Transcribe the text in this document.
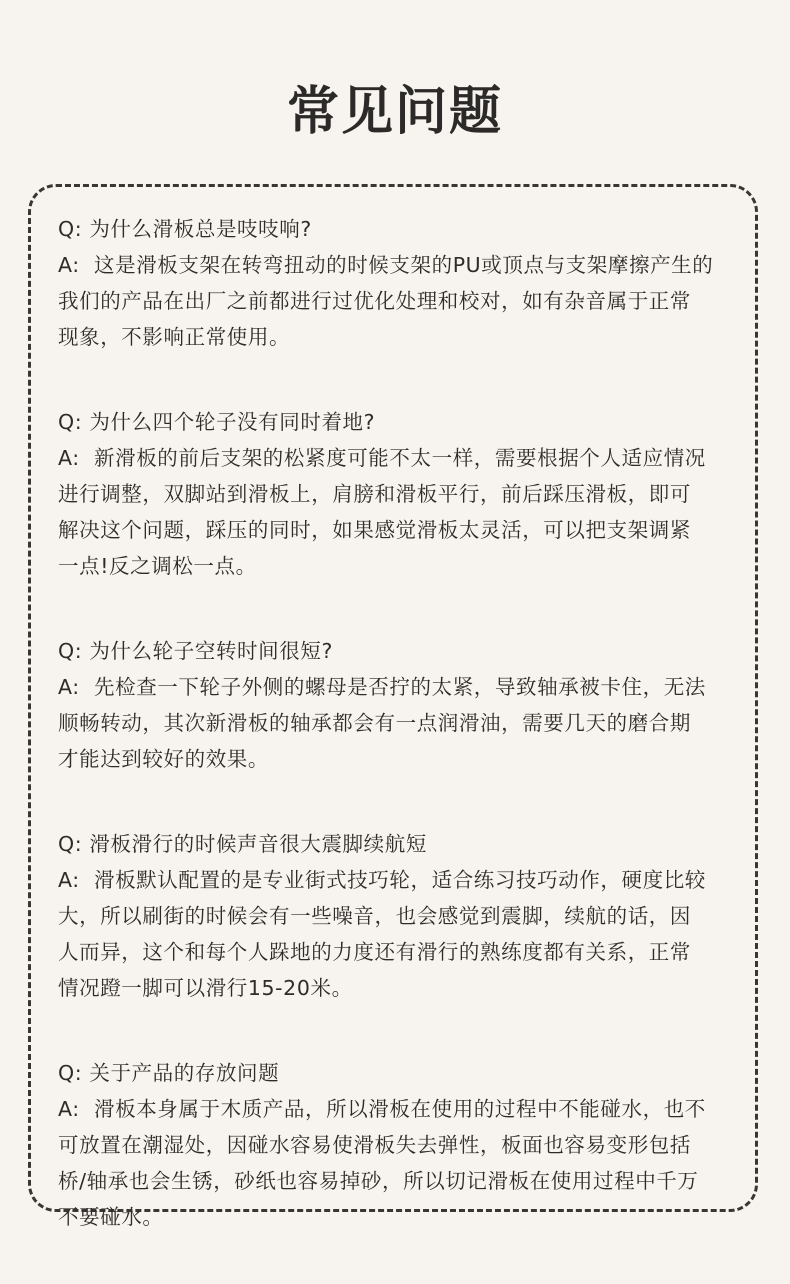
常见问题

Q: 为什么滑板总是吱吱响?

A:  这是滑板支架在转弯扭动的时候支架的PU或顶点与支架摩擦产生的

我们的产品在出厂之前都进行过优化处理和校对，如有杂音属于正常

现象，不影响正常使用。

Q: 为什么四个轮子没有同时着地?

A:  新滑板的前后支架的松紧度可能不太一样，需要根据个人适应情况

进行调整，双脚站到滑板上，肩膀和滑板平行，前后踩压滑板，即可

解决这个问题，踩压的同时，如果感觉滑板太灵活，可以把支架调紧

一点!反之调松一点。

Q: 为什么轮子空转时间很短?

A:  先检查一下轮子外侧的螺母是否拧的太紧，导致轴承被卡住，无法

顺畅转动，其次新滑板的轴承都会有一点润滑油，需要几天的磨合期

才能达到较好的效果。

Q: 滑板滑行的时候声音很大震脚续航短

A:  滑板默认配置的是专业街式技巧轮，适合练习技巧动作，硬度比较

大，所以刷街的时候会有一些噪音，也会感觉到震脚，续航的话，因

人而异，这个和每个人跺地的力度还有滑行的熟练度都有关系，正常

情况蹬一脚可以滑行15-20米。

Q: 关于产品的存放问题

A:  滑板本身属于木质产品，所以滑板在使用的过程中不能碰水，也不

可放置在潮湿处，因碰水容易使滑板失去弹性，板面也容易变形包括

桥/轴承也会生锈，砂纸也容易掉砂，所以切记滑板在使用过程中千万

不要碰水。
